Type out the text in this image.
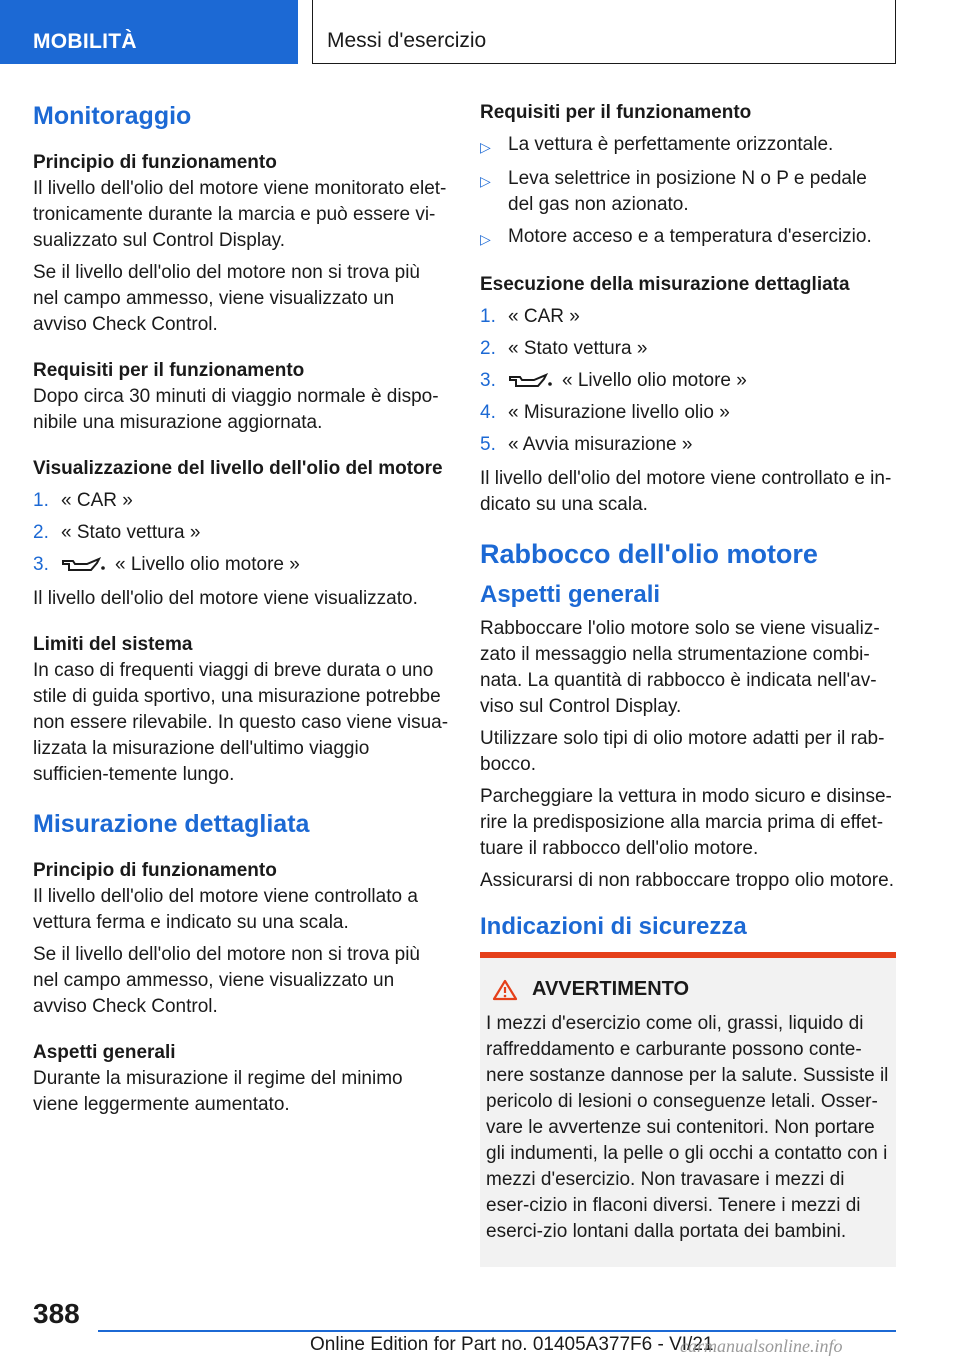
MOBILITÀ	Messi d'esercizio
Monitoraggio
Principio di funzionamento

Il livello dell'olio del motore viene monitorato elet-tronicamente durante la marcia e può essere vi-sualizzato sul Control Display.

Se il livello dell'olio del motore non si trova più nel campo ammesso, viene visualizzato un avviso Check Control.

Requisiti per il funzionamento

Dopo circa 30 minuti di viaggio normale è dispo-nibile una misurazione aggiornata.

Visualizzazione del livello dell'olio del motore
1. « CAR »
2. « Stato vettura »
3.	« Livello olio motore »

Il livello dell'olio del motore viene visualizzato.

Limiti del sistema

In caso di frequenti viaggi di breve durata o uno stile di guida sportivo, una misurazione potrebbe non essere rilevabile. In questo caso viene visua-lizzata la misurazione dell'ultimo viaggio sufficien-temente lungo.

Misurazione dettagliata
Principio di funzionamento

Il livello dell'olio del motore viene controllato a vettura ferma e indicato su una scala.

Se il livello dell'olio del motore non si trova più nel campo ammesso, viene visualizzato un avviso Check Control.

Aspetti generali

Durante la misurazione il regime del minimo viene leggermente aumentato.

Requisiti per il funzionamento
▷ La vettura è perfettamente orizzontale.
▷ Leva selettrice in posizione N o P e pedale del gas non azionato.
▷ Motore acceso e a temperatura d'esercizio.
Esecuzione della misurazione dettagliata
1. « CAR »
2. « Stato vettura »
3.	« Livello olio motore »
4. « Misurazione livello olio »
5. « Avvia misurazione »

Il livello dell'olio del motore viene controllato e in-dicato su una scala.

Rabbocco dell'olio motore
Aspetti generali

Rabboccare l'olio motore solo se viene visualiz-zato il messaggio nella strumentazione combi-nata. La quantità di rabbocco è indicata nell'av-viso sul Control Display.

Utilizzare solo tipi di olio motore adatti per il rab-bocco.

Parcheggiare la vettura in modo sicuro e disinse-rire la predisposizione alla marcia prima di effet-tuare il rabbocco dell'olio motore.

Assicurarsi di non rabboccare troppo olio motore.

Indicazioni di sicurezza
AVVERTIMENTO

I mezzi d'esercizio come oli, grassi, liquido di raffreddamento e carburante possono conte-nere sostanze dannose per la salute. Sussiste il pericolo di lesioni o conseguenze letali. Osser-vare le avvertenze sui contenitori. Non portare gli indumenti, la pelle o gli occhi a contatto con i mezzi d'esercizio. Non travasare i mezzi di eser-cizio in flaconi diversi. Tenere i mezzi di eserci-zio lontani dalla portata dei bambini.

388
Online Edition for Part no. 01405A377F6 - VI/21
carmanualsonline.info
